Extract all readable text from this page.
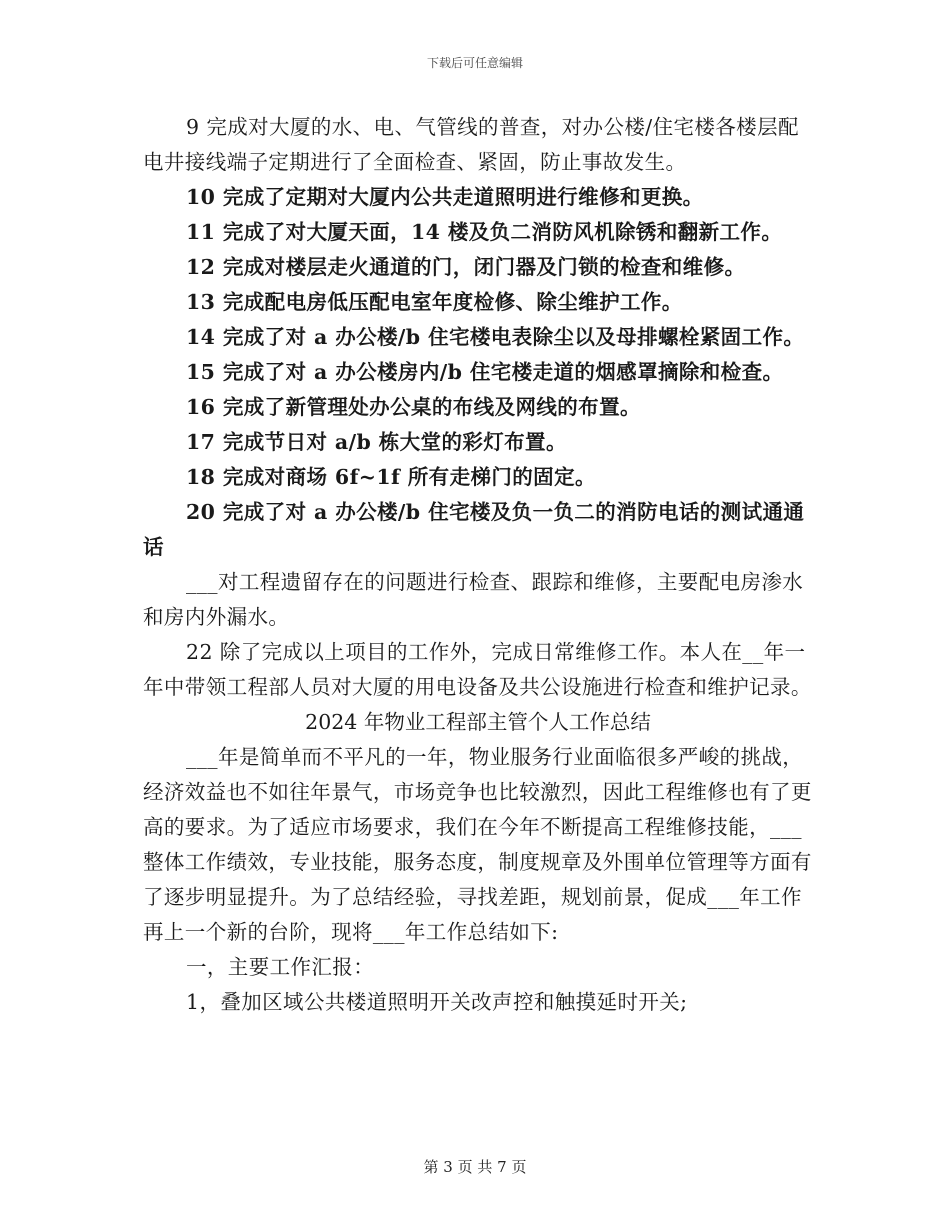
下载后可任意编辑

9 完成对大厦的水、电、气管线的普查，对办公楼/住宅楼各楼层配电井接线端子定期进行了全面检查、紧固，防止事故发生。

10 完成了定期对大厦内公共走道照明进行维修和更换。

11 完成了对大厦天面，14 楼及负二消防风机除锈和翻新工作。

12 完成对楼层走火通道的门，闭门器及门锁的检查和维修。

13 完成配电房低压配电室年度检修、除尘维护工作。

14 完成了对 a 办公楼/b 住宅楼电表除尘以及母排螺栓紧固工作。

15 完成了对 a 办公楼房内/b 住宅楼走道的烟感罩摘除和检查。

16 完成了新管理处办公桌的布线及网线的布置。

17 完成节日对 a/b 栋大堂的彩灯布置。

18 完成对商场 6f~1f 所有走梯门的固定。

20 完成了对 a 办公楼/b 住宅楼及负一负二的消防电话的测试通通话

___对工程遗留存在的问题进行检查、跟踪和维修，主要配电房渗水和房内外漏水。

22 除了完成以上项目的工作外，完成日常维修工作。本人在__年一年中带领工程部人员对大厦的用电设备及共公设施进行检查和维护记录。

2024 年物业工程部主管个人工作总结

___年是简单而不平凡的一年，物业服务行业面临很多严峻的挑战，经济效益也不如往年景气，市场竞争也比较激烈，因此工程维修也有了更高的要求。为了适应市场要求，我们在今年不断提高工程维修技能，___整体工作绩效，专业技能，服务态度，制度规章及外围单位管理等方面有了逐步明显提升。为了总结经验，寻找差距，规划前景，促成___年工作再上一个新的台阶，现将___年工作总结如下:

一，主要工作汇报：

1，叠加区域公共楼道照明开关改声控和触摸延时开关;

第 3 页 共 7 页
